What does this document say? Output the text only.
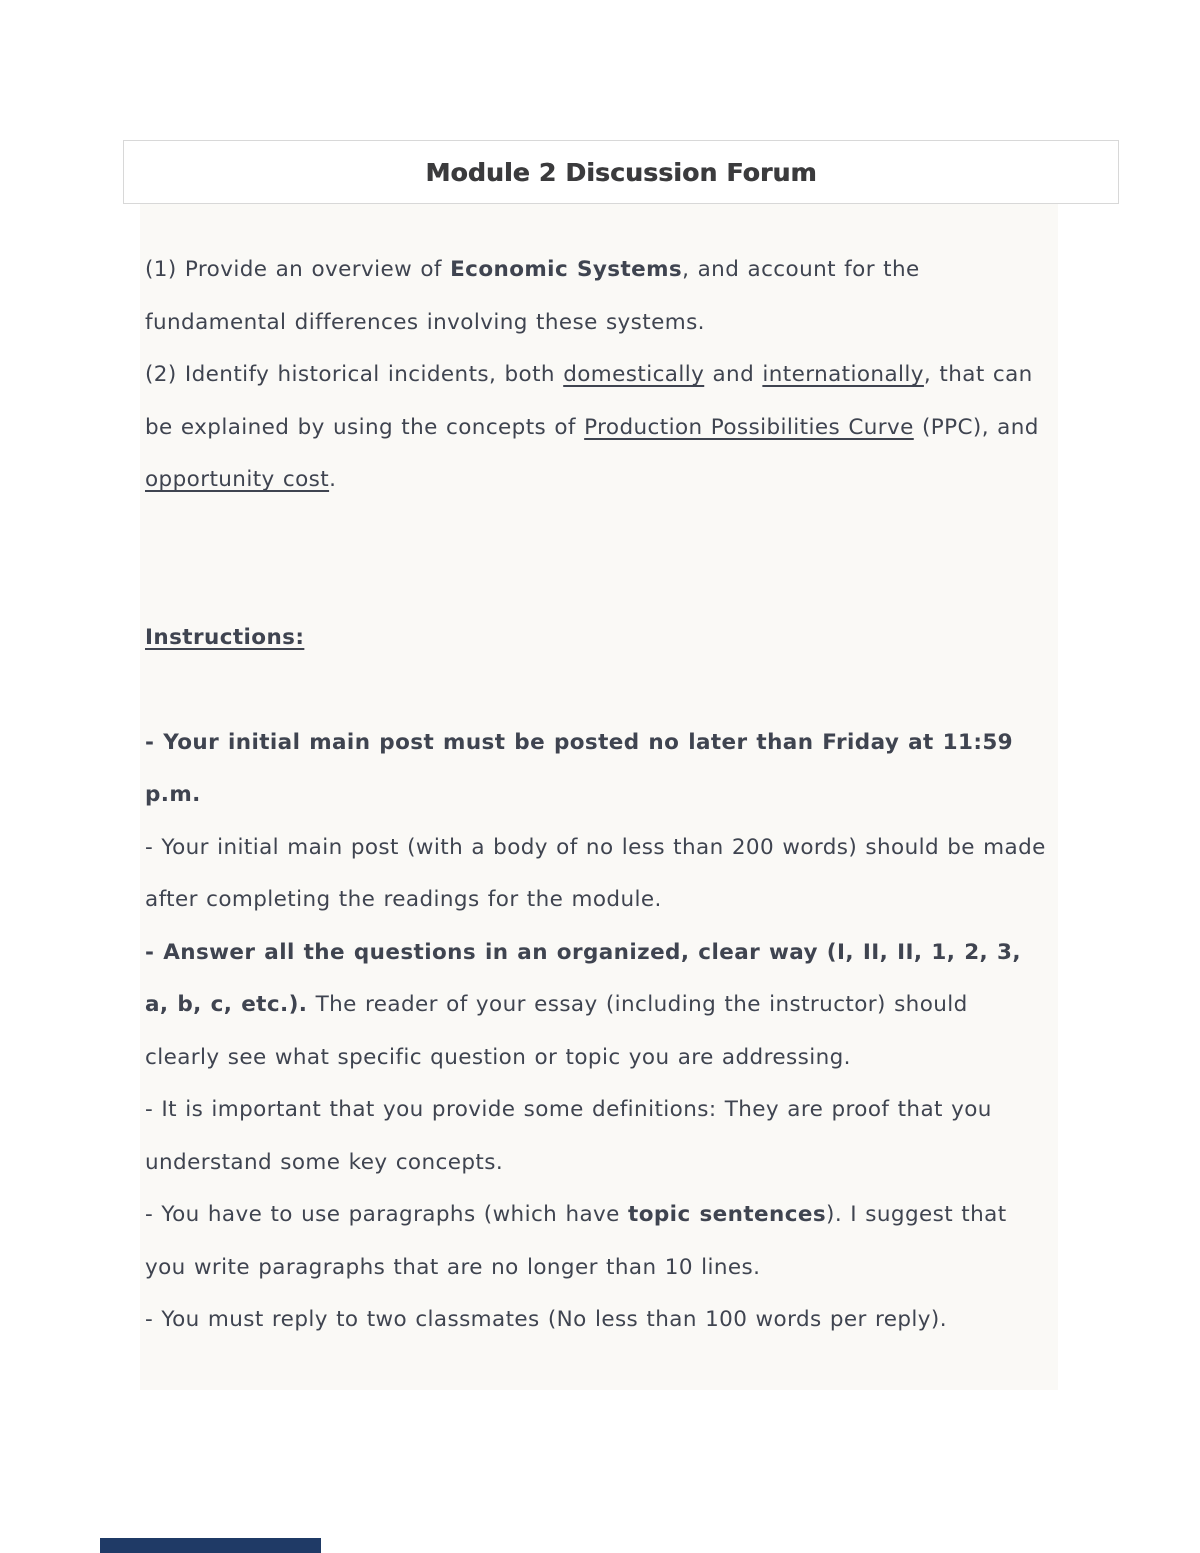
Module 2 Discussion Forum

(1) Provide an overview of Economic Systems, and account for the fundamental differences involving these systems.

(2) Identify historical incidents, both domestically and internationally, that can be explained by using the concepts of Production Possibilities Curve (PPC), and opportunity cost.

Instructions:

- Your initial main post must be posted no later than Friday at 11:59 p.m.

- Your initial main post (with a body of no less than 200 words) should be made after completing the readings for the module.

- Answer all the questions in an organized, clear way (I, II, II, 1, 2, 3, a, b, c, etc.). The reader of your essay (including the instructor) should clearly see what specific question or topic you are addressing.

- It is important that you provide some definitions: They are proof that you understand some key concepts.

- You have to use paragraphs (which have topic sentences). I suggest that you write paragraphs that are no longer than 10 lines.

- You must reply to two classmates (No less than 100 words per reply).
